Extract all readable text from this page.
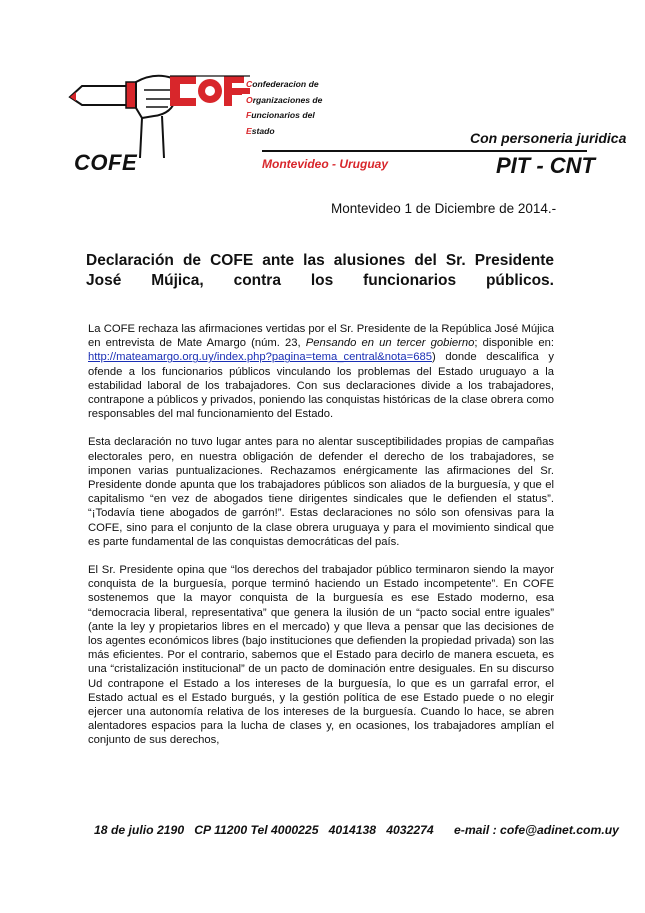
Confederacion de
Organizaciones de
Funcionarios del
Estado
COFE
Con personeria juridica
Montevideo - Uruguay	PIT - CNT
Montevideo 1 de Diciembre de 2014.-
Declaración de COFE ante las alusiones del Sr. Presidente José Mújica, contra los funcionarios públicos.

La COFE rechaza las afirmaciones vertidas por el Sr. Presidente de la República José Mújica en entrevista de Mate Amargo (núm. 23, Pensando en un tercer gobierno; disponible en: http://mateamargo.org.uy/index.php?pagina=tema_central&nota=685) donde descalifica y ofende a los funcionarios públicos vinculando los problemas del Estado uruguayo a la estabilidad laboral de los trabajadores. Con sus declaraciones divide a los trabajadores, contrapone a públicos y privados, poniendo las conquistas históricas de la clase obrera como responsables del mal funcionamiento del Estado.

Esta declaración no tuvo lugar antes para no alentar susceptibilidades propias de campañas electorales pero, en nuestra obligación de defender el derecho de los trabajadores, se imponen varias puntualizaciones. Rechazamos enérgicamente las afirmaciones del Sr. Presidente donde apunta que los trabajadores públicos son aliados de la burguesía, y que el capitalismo “en vez de abogados tiene dirigentes sindicales que le defienden el status”. “¡Todavía tiene abogados de garrón!”. Estas declaraciones no sólo son ofensivas para la COFE, sino para el conjunto de la clase obrera uruguaya y para el movimiento sindical que es parte fundamental de las conquistas democráticas del país.

El Sr. Presidente opina que “los derechos del trabajador público terminaron siendo la mayor conquista de la burguesía, porque terminó haciendo un Estado incompetente”. En COFE sostenemos que la mayor conquista de la burguesía es ese Estado moderno, esa “democracia liberal, representativa” que genera la ilusión de un “pacto social entre iguales” (ante la ley y propietarios libres en el mercado) y que lleva a pensar que las decisiones de los agentes económicos libres (bajo instituciones que defienden la propiedad privada) son las más eficientes. Por el contrario, sabemos que el Estado para decirlo de manera escueta, es una “cristalización institucional” de un pacto de dominación entre desiguales. En su discurso Ud contrapone el Estado a los intereses de la burguesía, lo que es un garrafal error, el Estado actual es el Estado burgués, y la gestión política de ese Estado puede o no elegir ejercer una autonomía relativa de los intereses de la burguesía. Cuando lo hace, se abren alentadores espacios para la lucha de clases y, en ocasiones, los trabajadores amplían el conjunto de sus derechos,

18 de julio 2190   CP 11200 Tel 4000225   4014138   4032274      e-mail : cofe@adinet.com.uy
